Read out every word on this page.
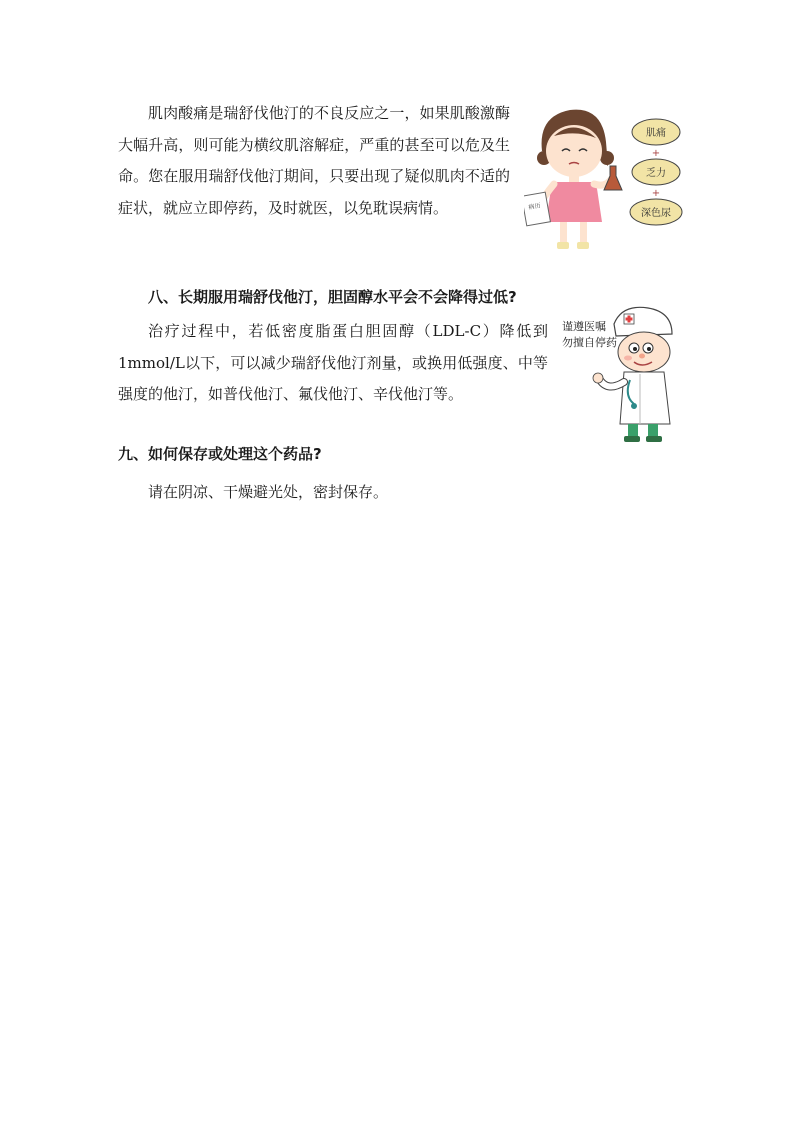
肌肉酸痛是瑞舒伐他汀的不良反应之一，如果肌酸激酶大幅升高，则可能为横纹肌溶解症，严重的甚至可以危及生命。您在服用瑞舒伐他汀期间，只要出现了疑似肌肉不适的症状，就应立即停药，及时就医，以免耽误病情。	病历
肌痛
+
乏力
+
深色尿
八、长期服用瑞舒伐他汀，胆固醇水平会不会降得过低?

治疗过程中，若低密度脂蛋白胆固醇（LDL-C）降低到1mmol/L以下，可以减少瑞舒伐他汀剂量，或换用低强度、中等强度的他汀，如普伐他汀、氟伐他汀、辛伐他汀等。

谨遵医嘱
勿擅自停药
九、如何保存或处理这个药品?

请在阴凉、干燥避光处，密封保存。
